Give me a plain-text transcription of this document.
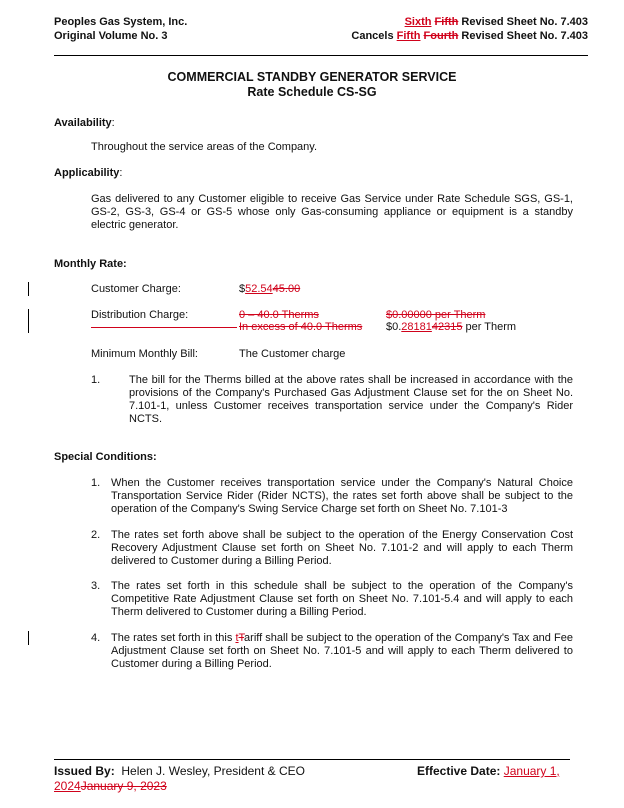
Peoples Gas System, Inc.
Original Volume No. 3
Sixth Fifth Revised Sheet No. 7.403
Cancels Fifth Fourth Revised Sheet No. 7.403
COMMERCIAL STANDBY GENERATOR SERVICE
Rate Schedule CS-SG
Availability:
Throughout the service areas of the Company.
Applicability:
Gas delivered to any Customer eligible to receive Gas Service under Rate Schedule SGS, GS-1, GS-2, GS-3, GS-4 or GS-5 whose only Gas-consuming appliance or equipment is a standby electric generator.
Monthly Rate:
Customer Charge:	$52.5445.00
Distribution Charge:	0 – 40.0 Therms	$0.00000 per Therm
In excess of 40.0 Therms $0.2818142315 per Therm
Minimum Monthly Bill:	The Customer charge
1.	The bill for the Therms billed at the above rates shall be increased in accordance with the provisions of the Company's Purchased Gas Adjustment Clause set for the on Sheet No. 7.101-1, unless Customer receives transportation service under the Company's Rider NCTS.
Special Conditions:
1. When the Customer receives transportation service under the Company's Natural Choice Transportation Service Rider (Rider NCTS), the rates set forth above shall be subject to the operation of the Company's Swing Service Charge set forth on Sheet No. 7.101-3
2. The rates set forth above shall be subject to the operation of the Energy Conservation Cost Recovery Adjustment Clause set forth on Sheet No. 7.101-2 and will apply to each Therm delivered to Customer during a Billing Period.
3. The rates set forth in this schedule shall be subject to the operation of the Company's Competitive Rate Adjustment Clause set forth on Sheet No. 7.101-5.4 and will apply to each Therm delivered to Customer during a Billing Period.
4. The rates set forth in this tTariff shall be subject to the operation of the Company's Tax and Fee Adjustment Clause set forth on Sheet No. 7.101-5 and will apply to each Therm delivered to Customer during a Billing Period.
Issued By:  Helen J. Wesley, President & CEO	Effective Date: January 1,
2024January 9, 2023
